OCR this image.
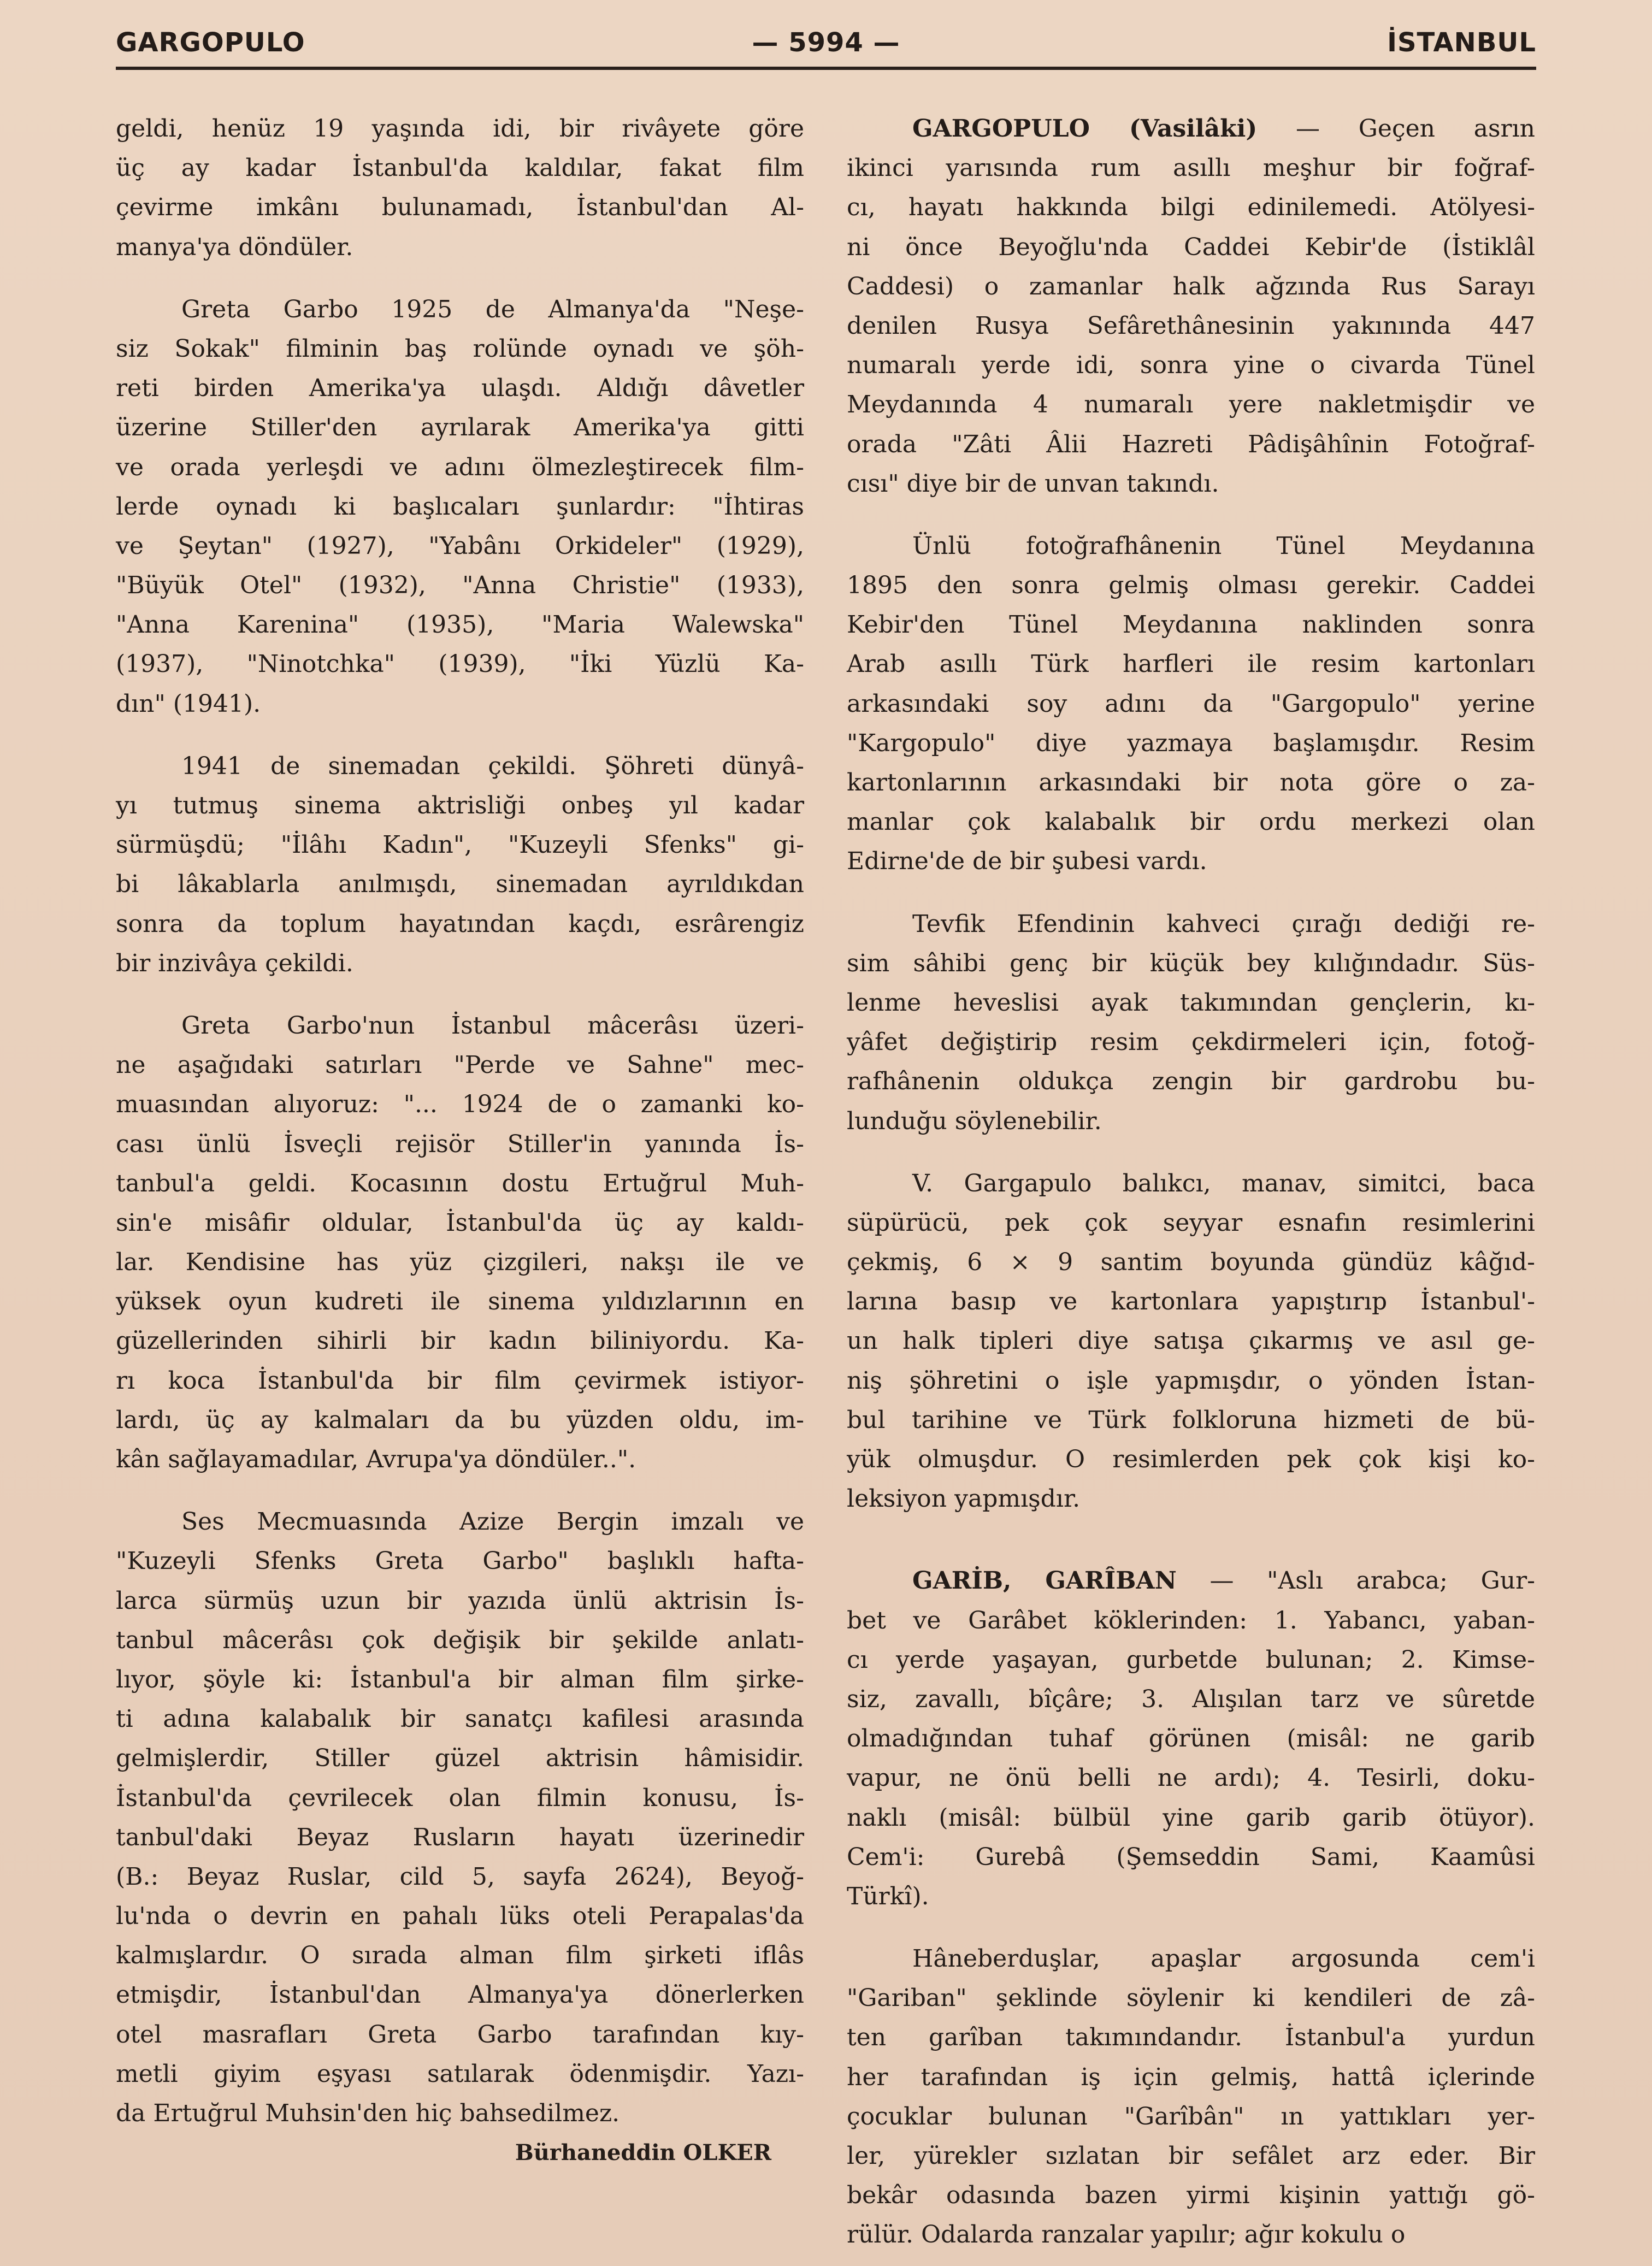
GARGOPULO	— 5994 —	İSTANBUL
geldi, henüz 19 yaşında idi, bir rivâyete göre
üç ay kadar İstanbul'da kaldılar, fakat film
çevirme imkânı bulunamadı, İstanbul'dan Al-
manya'ya döndüler.
Greta Garbo 1925 de Almanya'da "Neşe-
siz Sokak" filminin baş rolünde oynadı ve şöh-
reti birden Amerika'ya ulaşdı. Aldığı dâvetler
üzerine Stiller'den ayrılarak Amerika'ya gitti
ve orada yerleşdi ve adını ölmezleştirecek film-
lerde oynadı ki başlıcaları şunlardır: "İhtiras
ve Şeytan" (1927), "Yabânı Orkideler" (1929),
"Büyük Otel" (1932), "Anna Christie" (1933),
"Anna Karenina" (1935), "Maria Walewska"
(1937), "Ninotchka" (1939), "İki Yüzlü Ka-
dın" (1941).
1941 de sinemadan çekildi. Şöhreti dünyâ-
yı tutmuş sinema aktrisliği onbeş yıl kadar
sürmüşdü; "İlâhı Kadın", "Kuzeyli Sfenks" gi-
bi lâkablarla anılmışdı, sinemadan ayrıldıkdan
sonra da toplum hayatından kaçdı, esrârengiz
bir inzivâya çekildi.
Greta Garbo'nun İstanbul mâcerâsı üzeri-
ne aşağıdaki satırları "Perde ve Sahne" mec-
muasından alıyoruz: "... 1924 de o zamanki ko-
cası ünlü İsveçli rejisör Stiller'in yanında İs-
tanbul'a geldi. Kocasının dostu Ertuğrul Muh-
sin'e misâfir oldular, İstanbul'da üç ay kaldı-
lar. Kendisine has yüz çizgileri, nakşı ile ve
yüksek oyun kudreti ile sinema yıldızlarının en
güzellerinden sihirli bir kadın biliniyordu. Ka-
rı koca İstanbul'da bir film çevirmek istiyor-
lardı, üç ay kalmaları da bu yüzden oldu, im-
kân sağlayamadılar, Avrupa'ya döndüler..".
Ses Mecmuasında Azize Bergin imzalı ve
"Kuzeyli Sfenks Greta Garbo" başlıklı hafta-
larca sürmüş uzun bir yazıda ünlü aktrisin İs-
tanbul mâcerâsı çok değişik bir şekilde anlatı-
lıyor, şöyle ki: İstanbul'a bir alman film şirke-
ti adına kalabalık bir sanatçı kafilesi arasında
gelmişlerdir, Stiller güzel aktrisin hâmisidir.
İstanbul'da çevrilecek olan filmin konusu, İs-
tanbul'daki Beyaz Rusların hayatı üzerinedir
(B.: Beyaz Ruslar, cild 5, sayfa 2624), Beyoğ-
lu'nda o devrin en pahalı lüks oteli Perapalas'da
kalmışlardır. O sırada alman film şirketi iflâs
etmişdir, İstanbul'dan Almanya'ya dönerlerken
otel masrafları Greta Garbo tarafından kıy-
metli giyim eşyası satılarak ödenmişdir. Yazı-
da Ertuğrul Muhsin'den hiç bahsedilmez.
Bürhaneddin OLKER
GARGOPULO (Vasilâki) — Geçen asrın
ikinci yarısında rum asıllı meşhur bir foğraf-
cı, hayatı hakkında bilgi edinilemedi. Atölyesi-
ni önce Beyoğlu'nda Caddei Kebir'de (İstiklâl
Caddesi) o zamanlar halk ağzında Rus Sarayı
denilen Rusya Sefârethânesinin yakınında 447
numaralı yerde idi, sonra yine o civarda Tünel
Meydanında 4 numaralı yere nakletmişdir ve
orada "Zâti Âlii Hazreti Pâdişâhînin Fotoğraf-
cısı" diye bir de unvan takındı.
Ünlü fotoğrafhânenin Tünel Meydanına
1895 den sonra gelmiş olması gerekir. Caddei
Kebir'den Tünel Meydanına naklinden sonra
Arab asıllı Türk harfleri ile resim kartonları
arkasındaki soy adını da "Gargopulo" yerine
"Kargopulo" diye yazmaya başlamışdır. Resim
kartonlarının arkasındaki bir nota göre o za-
manlar çok kalabalık bir ordu merkezi olan
Edirne'de de bir şubesi vardı.
Tevfik Efendinin kahveci çırağı dediği re-
sim sâhibi genç bir küçük bey kılığındadır. Süs-
lenme heveslisi ayak takımından gençlerin, kı-
yâfet değiştirip resim çekdirmeleri için, fotoğ-
rafhânenin oldukça zengin bir gardrobu bu-
lunduğu söylenebilir.
V. Gargapulo balıkcı, manav, simitci, baca
süpürücü, pek çok seyyar esnafın resimlerini
çekmiş, 6 × 9 santim boyunda gündüz kâğıd-
larına basıp ve kartonlara yapıştırıp İstanbul'-
un halk tipleri diye satışa çıkarmış ve asıl ge-
niş şöhretini o işle yapmışdır, o yönden İstan-
bul tarihine ve Türk folkloruna hizmeti de bü-
yük olmuşdur. O resimlerden pek çok kişi ko-
leksiyon yapmışdır.
GARİB, GARÎBAN — "Aslı arabca; Gur-
bet ve Garâbet köklerinden: 1. Yabancı, yaban-
cı yerde yaşayan, gurbetde bulunan; 2. Kimse-
siz, zavallı, bîçâre; 3. Alışılan tarz ve sûretde
olmadığından tuhaf görünen (misâl: ne garib
vapur, ne önü belli ne ardı); 4. Tesirli, doku-
naklı (misâl: bülbül yine garib garib ötüyor).
Cem'i: Gurebâ (Şemseddin Sami, Kaamûsi
Türkî).
Hâneberduşlar, apaşlar argosunda cem'i
"Gariban" şeklinde söylenir ki kendileri de zâ-
ten garîban takımındandır. İstanbul'a yurdun
her tarafından iş için gelmiş, hattâ içlerinde
çocuklar bulunan "Garîbân" ın yattıkları yer-
ler, yürekler sızlatan bir sefâlet arz eder. Bir
bekâr odasında bazen yirmi kişinin yattığı gö-
rülür. Odalarda ranzalar yapılır; ağır kokulu o
